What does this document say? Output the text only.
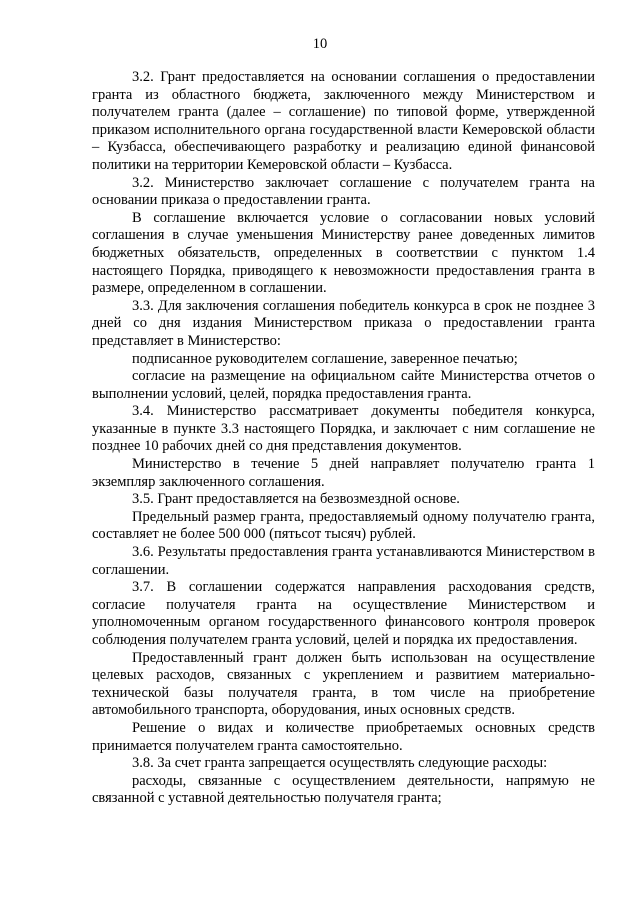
10

3.2. Грант предоставляется на основании соглашения о предоставлении гранта из областного бюджета, заключенного между Министерством и получателем гранта (далее – соглашение) по типовой форме, утвержденной приказом исполнительного органа государственной власти Кемеровской области – Кузбасса, обеспечивающего разработку и реализацию единой финансовой политики на территории Кемеровской области – Кузбасса.

3.2. Министерство заключает соглашение с получателем гранта на основании приказа о предоставлении гранта.

В соглашение включается условие о согласовании новых условий соглашения в случае уменьшения Министерству ранее доведенных лимитов бюджетных обязательств, определенных в соответствии с пунктом 1.4 настоящего Порядка, приводящего к невозможности предоставления гранта в размере, определенном в соглашении.

3.3. Для заключения соглашения победитель конкурса в срок не позднее 3 дней со дня издания Министерством приказа о предоставлении гранта представляет в Министерство:

подписанное руководителем соглашение, заверенное печатью;

согласие на размещение на официальном сайте Министерства отчетов о выполнении условий, целей, порядка предоставления гранта.

3.4. Министерство рассматривает документы победителя конкурса, указанные в пункте 3.3 настоящего Порядка, и заключает с ним соглашение не позднее 10 рабочих дней со дня представления документов.

Министерство в течение 5 дней направляет получателю гранта 1 экземпляр заключенного соглашения.

3.5. Грант предоставляется на безвозмездной основе.

Предельный размер гранта, предоставляемый одному получателю гранта, составляет не более 500 000 (пятьсот тысяч) рублей.

3.6. Результаты предоставления гранта устанавливаются Министерством в соглашении.

3.7. В соглашении содержатся направления расходования средств, согласие получателя гранта на осуществление Министерством и уполномоченным органом государственного финансового контроля проверок соблюдения получателем гранта условий, целей и порядка их предоставления.

Предоставленный грант должен быть использован на осуществление целевых расходов, связанных с укреплением и развитием материально-технической базы получателя гранта, в том числе на приобретение автомобильного транспорта, оборудования, иных основных средств.

Решение о видах и количестве приобретаемых основных средств принимается получателем гранта самостоятельно.

3.8. За счет гранта запрещается осуществлять следующие расходы:

расходы, связанные с осуществлением деятельности, напрямую не связанной с уставной деятельностью получателя гранта;
